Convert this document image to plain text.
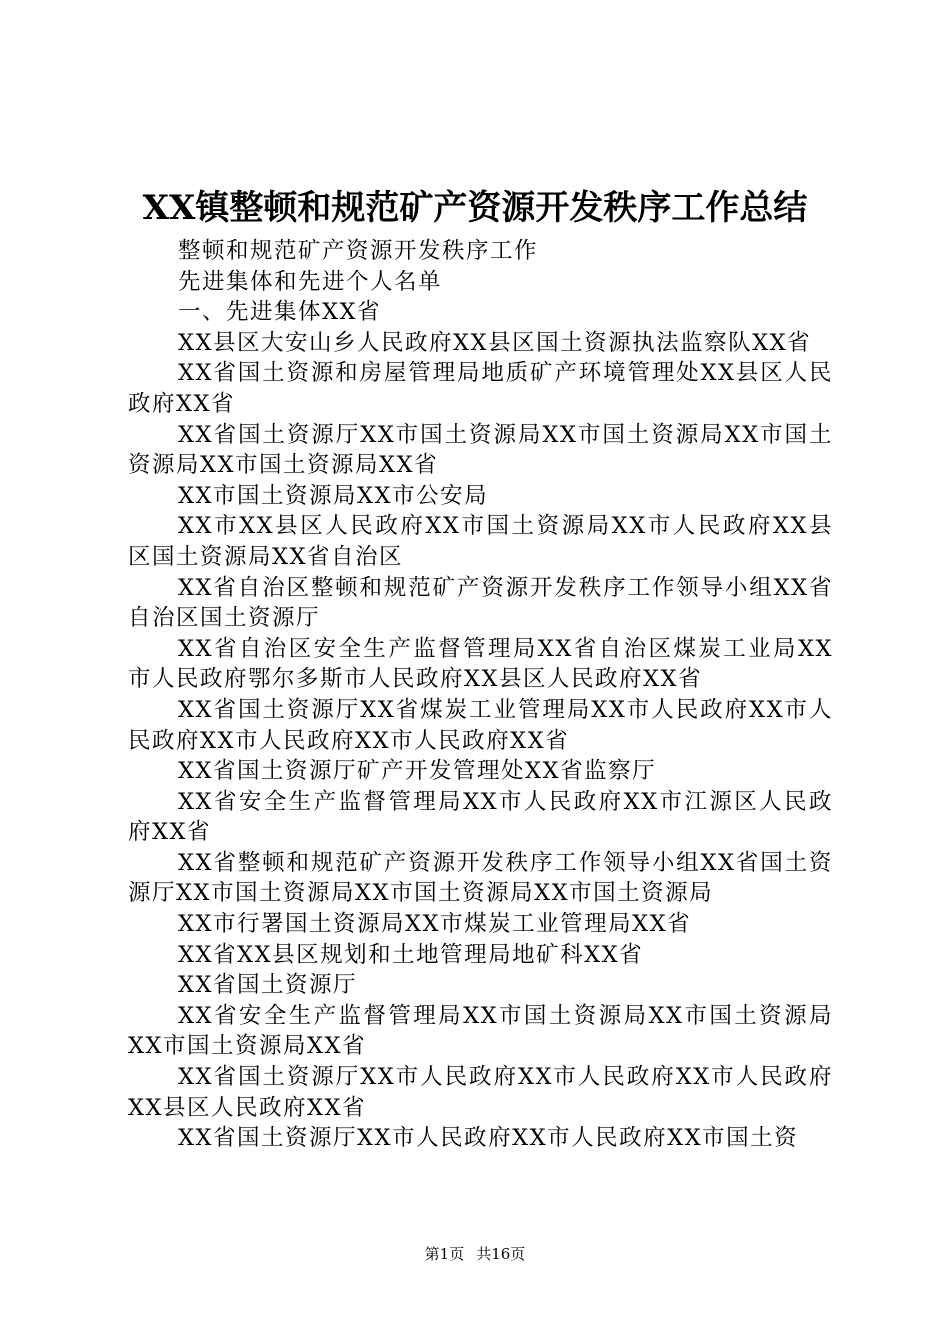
XX镇整顿和规范矿产资源开发秩序工作总结

整顿和规范矿产资源开发秩序工作

先进集体和先进个人名单

一、先进集体XX省

XX县区大安山乡人民政府XX县区国土资源执法监察队XX省

XX省国土资源和房屋管理局地质矿产环境管理处XX县区人民政府XX省

XX省国土资源厅XX市国土资源局XX市国土资源局XX市国土资源局XX市国土资源局XX省

XX市国土资源局XX市公安局

XX市XX县区人民政府XX市国土资源局XX市人民政府XX县区国土资源局XX省自治区

XX省自治区整顿和规范矿产资源开发秩序工作领导小组XX省自治区国土资源厅

XX省自治区安全生产监督管理局XX省自治区煤炭工业局XX市人民政府鄂尔多斯市人民政府XX县区人民政府XX省

XX省国土资源厅XX省煤炭工业管理局XX市人民政府XX市人民政府XX市人民政府XX市人民政府XX省

XX省国土资源厅矿产开发管理处XX省监察厅

XX省安全生产监督管理局XX市人民政府XX市江源区人民政府XX省

XX省整顿和规范矿产资源开发秩序工作领导小组XX省国土资源厅XX市国土资源局XX市国土资源局XX市国土资源局

XX市行署国土资源局XX市煤炭工业管理局XX省

XX省XX县区规划和土地管理局地矿科XX省

XX省国土资源厅

XX省安全生产监督管理局XX市国土资源局XX市国土资源局XX市国土资源局XX省

XX省国土资源厅XX市人民政府XX市人民政府XX市人民政府XX县区人民政府XX省

XX省国土资源厅XX市人民政府XX市人民政府XX市国土资

第1页 共16页
